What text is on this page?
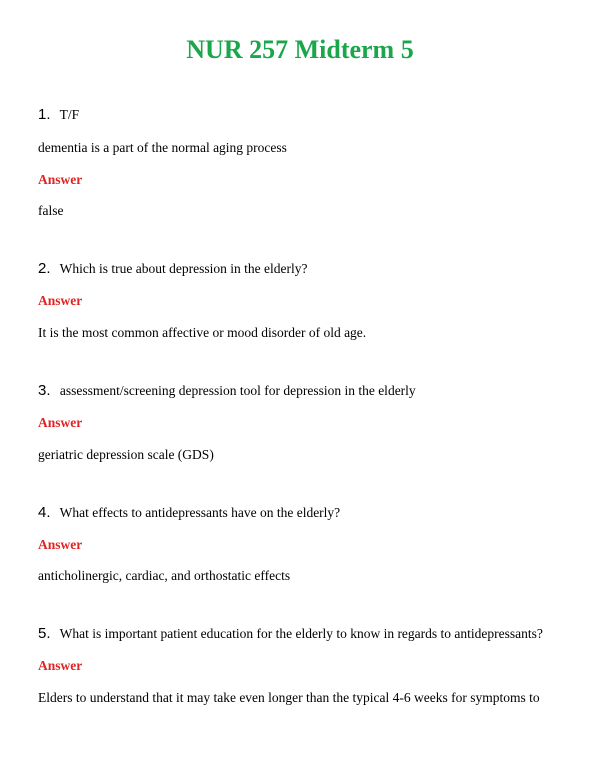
NUR 257 Midterm 5
1. T/F
dementia is a part of the normal aging process
Answer
false
2. Which is true about depression in the elderly?
Answer
It is the most common affective or mood disorder of old age.
3. assessment/screening depression tool for depression in the elderly
Answer
geriatric depression scale (GDS)
4. What effects to antidepressants have on the elderly?
Answer
anticholinergic, cardiac, and orthostatic effects
5. What is important patient education for the elderly to know in regards to antidepressants?
Answer
Elders to understand that it may take even longer than the typical 4-6 weeks for symptoms to
